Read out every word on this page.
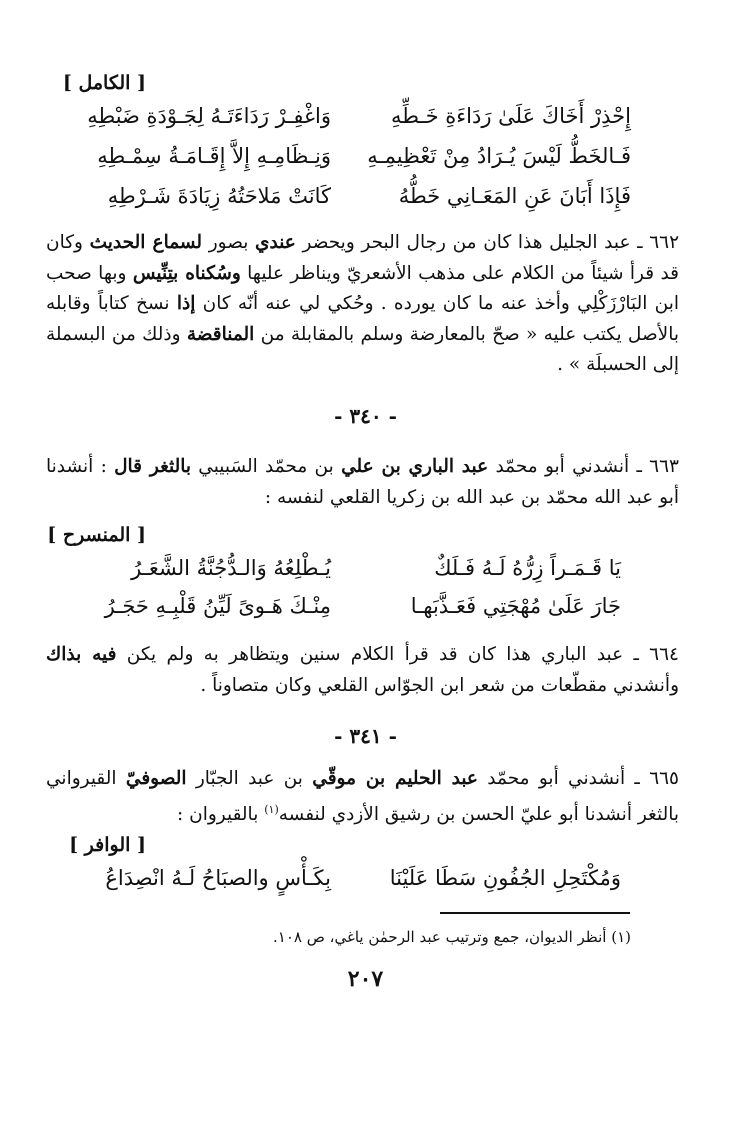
[ الكامل ]
إِحْذِرْ أَخَاكَ عَلَىٰ رَدَاءَةِ خَـطِّهِ
وَاغْفِـرْ رَدَاءَتَـهُ لِجَـوْدَةِ ضَبْطِهِ
فَـالخَطُّ لَيْسَ يُـرَادُ مِنْ تَعْظِيمِـهِ
وَنِـظَامِـهِ إِلاَّ إِقَـامَـةُ سِمْـطِهِ
فَإِذَا أَبَانَ عَنِ المَعَـانِي خَطُّهُ
كَانَتْ مَلاحَتُهُ زِيَادَةَ شَـرْطِهِ
٦٦٢ ـ عبد الجليل هذا كان من رجال البحر ويحضر عندي بصور لسماع الحديث وكان قد قرأ شيئاً من الكلام على مذهب الأشعريّ ويناظر عليها وسُكناه بتِنِّيس وبها صحب ابن البَارْزَكْلِي وأخذ عنه ما كان يورده . وحُكي لي عنه أنّه كان إذا نسخ كتاباً وقابله بالأصل يكتب عليه « صحّ بالمعارضة وسلم بالمقابلة من المناقضة وذلك من البسملة إلى الحسبلَة » .
- ٣٤٠ -
٦٦٣ ـ أنشدني أبو محمّد عبد الباري بن علي بن محمّد السَبيبي بالثغر قال : أنشدنا أبو عبد الله محمّد بن عبد الله بن زكريا القلعي لنفسه :
[ المنسرح ]
يَا قَـمَـراً زِرُّهُ لَـهُ فَـلَكٌ
يُـطْلِعُهُ وَالـدُّجُنَّةُ الشَّعَـرُ
جَارَ عَلَىٰ مُهْجَتِي فَعَـذَّبَهـا
مِنْـكَ هَـوىً لَيِّنُ قَلْبِـهِ حَجَـرُ
٦٦٤ ـ عبد الباري هذا كان قد قرأ الكلام سنين ويتظاهر به ولم يكن فيه بذاك وأنشدني مقطّعات من شعر ابن الجوّاس القلعي وكان متصاوناً .
- ٣٤١ -
٦٦٥ ـ أنشدني أبو محمّد عبد الحليم بن موقّي بن عبد الجبّار الصوفيّ القيرواني بالثغر أنشدنا أبو عليّ الحسن بن رشيق الأزدي لنفسه$^{(١)}$ بالقيروان :
[ الوافر ]
وَمُكْتَحِلِ الجُفُونِ سَطَا عَلَيْنَا
بِكَـأْسٍ والصبَاحُ لَـهُ انْصِدَاعُ
(١) أنظر الديوان، جمع وترتيب عبد الرحمٰن ياغي، ص ١٠٨.
٢٠٧
